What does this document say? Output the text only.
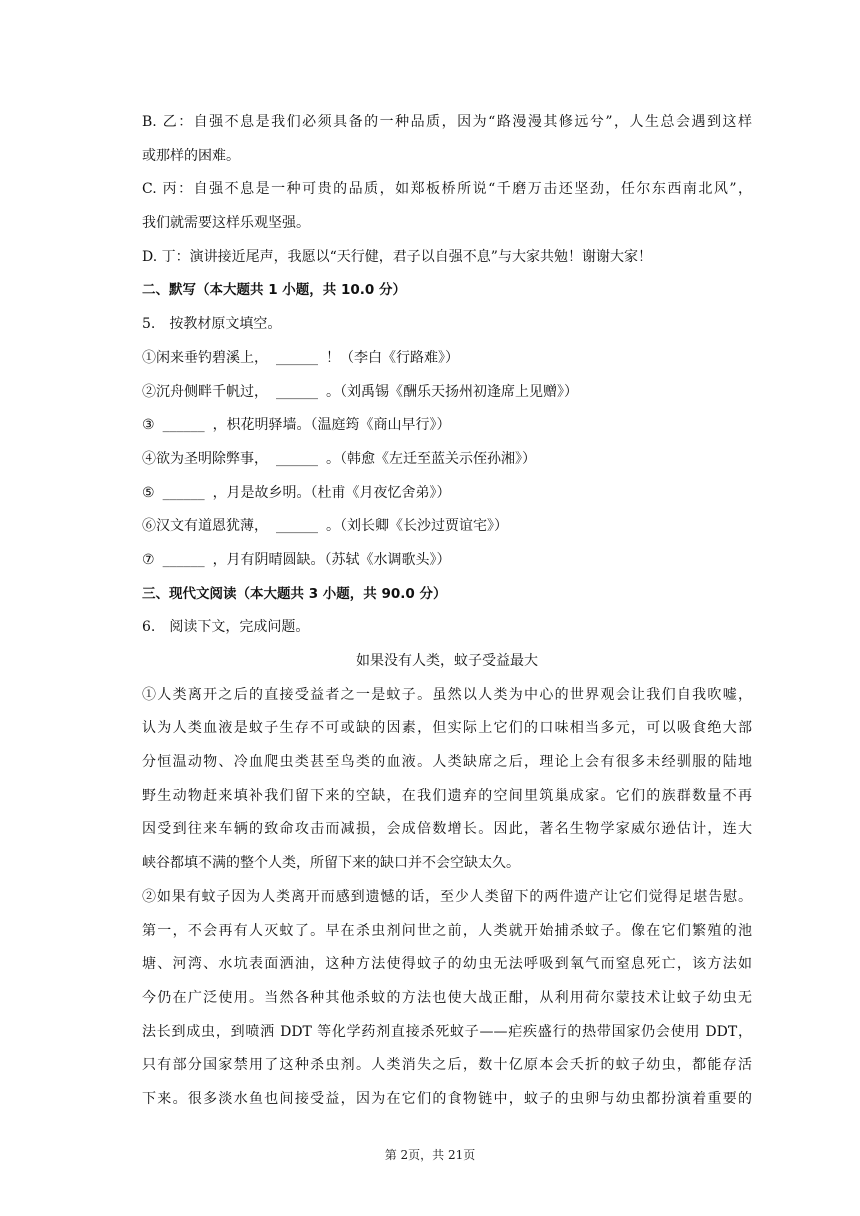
B. 乙：自强不息是我们必须具备的一种品质，因为“路漫漫其修远兮”，人生总会遇到这样
或那样的困难。
C. 丙：自强不息是一种可贵的品质，如郑板桥所说“千磨万击还坚劲，任尔东西南北风”，
我们就需要这样乐观坚强。
D. 丁：演讲接近尾声，我愿以“天行健，君子以自强不息”与大家共勉！谢谢大家！
二、默写（本大题共 1 小题，共 10.0 分）
5.　按教材原文填空。
①闲来垂钓碧溪上， ______ ！（李白《行路难》）
②沉舟侧畔千帆过， ______ 。（刘禹锡《酬乐天扬州初逢席上见赠》）
③ ______ ，枳花明驿墙。（温庭筠《商山早行》）
④欲为圣明除弊事， ______ 。（韩愈《左迁至蓝关示侄孙湘》）
⑤ ______ ，月是故乡明。（杜甫《月夜忆舍弟》）
⑥汉文有道恩犹薄， ______ 。（刘长卿《长沙过贾谊宅》）
⑦ ______ ，月有阴晴圆缺。（苏轼《水调歌头》）
三、现代文阅读（本大题共 3 小题，共 90.0 分）
6.　阅读下文，完成问题。
如果没有人类，蚊子受益最大
①人类离开之后的直接受益者之一是蚊子。虽然以人类为中心的世界观会让我们自我吹嘘，
认为人类血液是蚊子生存不可或缺的因素，但实际上它们的口味相当多元，可以吸食绝大部
分恒温动物、冷血爬虫类甚至鸟类的血液。人类缺席之后，理论上会有很多未经驯服的陆地
野生动物赶来填补我们留下来的空缺，在我们遗弃的空间里筑巢成家。它们的族群数量不再
因受到往来车辆的致命攻击而减损，会成倍数增长。因此，著名生物学家威尔逊估计，连大
峡谷都填不满的整个人类，所留下来的缺口并不会空缺太久。
②如果有蚊子因为人类离开而感到遗憾的话，至少人类留下的两件遗产让它们觉得足堪告慰。
第一，不会再有人灭蚊了。早在杀虫剂问世之前，人类就开始捕杀蚊子。像在它们繁殖的池
塘、河湾、水坑表面洒油，这种方法使得蚊子的幼虫无法呼吸到氧气而窒息死亡，该方法如
今仍在广泛使用。当然各种其他杀蚊的方法也使大战正酣，从利用荷尔蒙技术让蚊子幼虫无
法长到成虫，到喷洒 DDT 等化学药剂直接杀死蚊子——疟疾盛行的热带国家仍会使用 DDT，
只有部分国家禁用了这种杀虫剂。人类消失之后，数十亿原本会夭折的蚊子幼虫，都能存活
下来。很多淡水鱼也间接受益，因为在它们的食物链中，蚊子的虫卵与幼虫都扮演着重要的
第 2页，共 21页
